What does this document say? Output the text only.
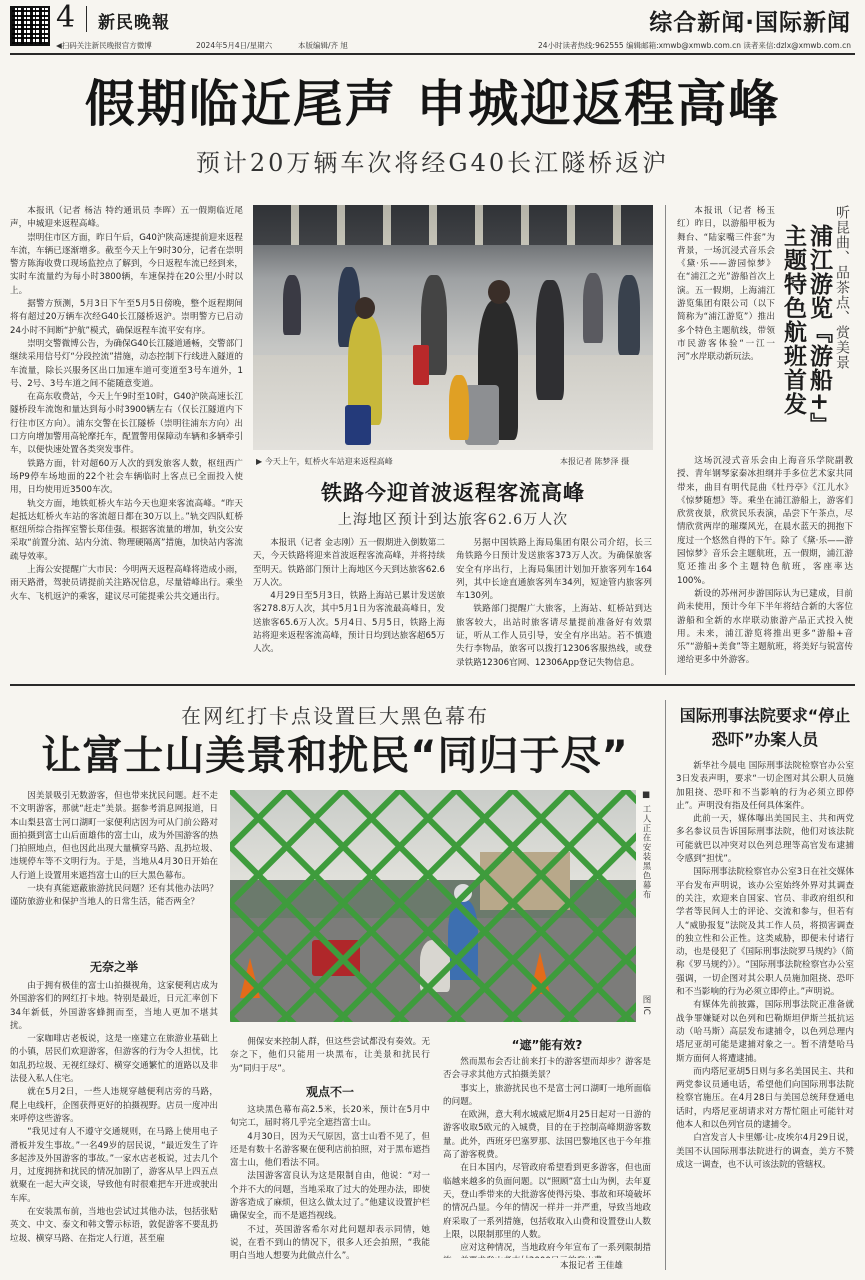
4 新民晚報	综合新闻·国际新闻
◀扫码关注新民晚报官方微博	2024年5月4日/星期六	本版编辑/齐 旭	24小时读者热线:962555 编辑邮箱:xmwb@xmwb.com.cn 读者来信:dzlx@xmwb.com.cn
假期临近尾声 申城迎返程高峰
预计20万辆车次将经G40长江隧桥返沪

本报讯（记者 杨洁 特约通讯员 李晖）五一假期临近尾声，申城迎来返程高峰。

崇明住市区方面，昨日午后，G40沪陕高速提前迎来返程车流，车辆已逐渐增多。截至今天上午9时30分，记者在崇明警方陈海收费口现场监控点了解到，今日返程车流已经到来，实时车流量约为每小时3800辆，车速保持在20公里/小时以上。

据警方预测，5月3日下午至5月5日傍晚，整个返程期间将有超过20万辆车次经G40长江隧桥返沪。崇明警方已启动24小时不间断“护航”模式，确保返程车流平安有序。

崇明交警微博公告，为确保G40长江隧道通畅，交警部门继续采用信号灯“分段控流”措施，动态控制下行线进入隧道的车流量，除长兴服务区出口加速车道可变道至3号车道外，1号、2号、3号车道之间不能随意变道。

在高东收费站，今天上午9时至10时，G40沪陕高速长江隧桥段车流饱和量达到每小时3900辆左右（仅长江隧道内下行往市区方向）。浦东交警在长江隧桥（崇明往浦东方向）出口方向增加警用高轮摩托车，配置警用保障动车辆和多辆牵引车，以便快速处置各类突发事件。

铁路方面，针对超60万人次的到发旅客人数，枢纽西广场P9停车场地面的22个社会车辆临时上客点已全面投入使用，日均使用近3500车次。

轨交方面，地铁虹桥火车站今天也迎来客流高峰。“昨天起抵达虹桥火车站的客流超日都在30万以上。”轨交四队虹桥枢纽所综合指挥室警长郑佳强。根据客流量的增加，轨交公安采取“前置分流、站内分流、物理硬隔离”措施，加快站内客流疏导效率。

上海公安提醒广大市民：今明两天返程高峰将造成小雨，雨天路滑，驾驶员请提前关注路况信息，尽量错峰出行。乘坐火车、飞机返沪的乘客，建议尽可能提乘公共交通出行。

▶ 今天上午，虹桥火车站迎来返程高峰	本报记者 陈梦泽 摄
铁路今迎首波返程客流高峰
上海地区预计到达旅客62.6万人次

本报讯（记者 金志刚）五一假期进入倒数第二天，今天铁路将迎来首波返程客流高峰，并将持续至明天。铁路部门预计上海地区今天到达旅客62.6万人次。

4月29日至5月3日，铁路上海站已累计发送旅客278.8万人次，其中5月1日为客流最高峰日，发送旅客65.6万人次。5月4日、5月5日，铁路上海站将迎来返程客流高峰，预计日均到达旅客超65万人次。

另据中国铁路上海局集团有限公司介绍，长三角铁路今日预计发送旅客373万人次。为确保旅客安全有序出行，上海局集团计划加开旅客列车164列，其中长途直通旅客列车34列，短途管内旅客列车130列。

铁路部门提醒广大旅客，上海站、虹桥站到达旅客较大，出站时旅客请尽量提前准备好有效票证，听从工作人员引导，安全有序出站。若不慎遗失行李物品，旅客可以拨打12306客服热线，或登录铁路12306官网、12306App登记失物信息。

听昆曲、品茶点、赏美景
浦江游览『游船+』主题特色航班首发

本报讯（记者 杨玉红）昨日，以游船甲板为舞台、“陆家嘴三件套”为背景，一场沉浸式音乐会《黛·乐——游园惊梦》在“浦江之光”游船首次上演。五一假期，上海浦江游览集团有限公司（以下简称为“浦江游览”）推出多个特色主题航线，带领市民游客体验“一江一河”水岸联动新玩法。

这场沉浸式音乐会由上海音乐学院副教授、青年钢琴家秦冰担纲并手多位艺术家共同带来，曲目有明代昆曲《牡丹亭》《江儿水》《惊梦随想》等。乘坐在浦江游船上，游客们欣赏夜景，欣赏民乐表演，品尝下午茶点，尽情欣赏两岸的璀璨风光，在晨水蓝天的拥抱下度过一个悠然自得的下午。除了《黛·乐——游园惊梦》音乐会主题航班，五一假期，浦江游览还推出多个主题特色航班，客座率达100%。

新设的苏州河步游国际认为已建成，目前尚未使用，预计今年下半年将结合新的大客位游船和全新的水岸联动旅游产品正式投入使用。未来，浦江游览将推出更多“游船+音乐”“游船+美食”等主题航班，将美好与锐富传递给更多中外游客。

在网红打卡点设置巨大黑色幕布
让富士山美景和扰民“同归于尽”

因美景吸引无数游客，但也带来扰民问题。赶不走不文明游客，那就“赶走”美景。据参考消息网报道，日本山梨县富士河口湖町一家便利店因为可从门前公路对面拍摄到富士山后面雄伟的富士山，成为外国游客的热门拍照地点，但也因此出现大量横穿马路、乱扔垃圾、违规停车等不文明行为。于是，当地从4月30日开始在人行道上设置用来遮挡富士山的巨大黑色幕布。

一块有真能遮蔽旅游扰民问题？还有其他办法吗？谨防旅游业和保护当地人的日常生活，能否两全？

无奈之举

由于拥有极佳的富士山拍摄视角，这家便利店成为外国游客们的网红打卡地。特别是最近，日元汇率创下34年新低，外国游客蜂拥而至，当地人更加不堪其扰。

一家咖啡店老板说，这是一座建立在旅游业基础上的小镇，居民们欢迎游客，但游客的行为令人担忧，比如乱扔垃圾、无视红绿灯、横穿交通繁忙的道路以及非法侵入私人住宅。

就在5月2日，一些人违规穿越便利店旁的马路，爬上电线杆，企图获得更好的拍摄视野。店员一度冲出来呼停这些游客。

“我见过有人不遵守交通规则，在马路上使用电子滑板并发生事故。”一名49岁的居民说，“最近发生了许多起涉及外国游客的事故。”一家水店老板说，过去几个月，过度拥挤和扰民的情况加剧了，游客从早上四五点就聚在一起大声交谈，导致他有时很难把车开进或驶出车库。

在安装黑布前，当地也尝试过其他办法，包括张贴英文、中文、泰文和韩文警示标语，敦促游客不要乱扔垃圾、横穿马路、在指定人行道，甚至雇

■ 工人正在安装黑色幕布
图 IC

佣保安来控制人群，但这些尝试都没有奏效。无奈之下，他们只能用一块黑布，让美景和扰民行为“同归于尽”。

观点不一

这块黑色幕布高2.5米，长20米，预计在5月中旬完工，届时将几乎完全遮挡富士山。

4月30日，因为天气原因，富士山看不见了，但还是有数十名游客聚在便利店前拍照，对于黑布遮挡富士山，他们看法不同。

法国游客富良认为这是限制自由，他说：“对一个并不大的问题，当地采取了过大的处理办法，即使游客造成了麻烦，但这么做太过了。”他建议设置护栏确保安全，而不是遮挡视线。

不过，英国游客希尔对此问题却表示同情，她说，在看不到山的情况下，很多人还会拍照，“我能明白当地人想要为此做点什么”。

“遮”能有效?

然而黑布会否让前来打卡的游客望而却步？游客是否会寻求其他方式拍摄美景？

事实上，旅游扰民也不是富士河口湖町一地所面临的问题。

在欧洲，意大利水城威尼斯4月25日起对一日游的游客收取5欧元的入城费，目的在于控制高峰期游客数量。此外，西班牙巴塞罗那、法国巴黎地区也于今年推高了游客税费。

在日本国内，尽管政府希望看到更多游客，但也面临越来越多的负面问题。以“照顾”富士山为例，去年夏天，登山季带来的大批游客使得污染、事故和环境破坏的情况凸显。今年的情况一样并一并严重，导致当地政府采取了一系列措施，包括收取入山费和设置登山人数上限，以限制那里的人数。

应对这种情况，当地政府今年宣布了一系列限制措

本报记者 王佳雄
国际刑事法院要求“停止恐吓”办案人员

新华社今晨电 国际刑事法院检察官办公室3日发表声明，要求“一切企图对其公职人员施加阻挠、恐吓和不当影响的行为必须立即停止”。声明没有指及任何具体案件。

此前一天，媒体曝出美国民主、共和两党多名参议员告诉国际刑事法院，他们对该法院可能就巴以冲突对以色列总理等高官发布逮捕令感到“担忧”。

国际刑事法院检察官办公室3日在社交媒体平台发布声明说，该办公室始终外界对其调查的关注，欢迎来自国家、官员、非政府组织和学者等民间人士的评论、交流和参与，但若有人“威胁报复”法院及其工作人员，将损害调查的独立性和公正性。这类威胁，即便未付诸行动，也是侵犯了《国际刑事法院罗马规约》（简称《罗马规约》）。“国际刑事法院检察官办公室强调，一切企图对其公职人员施加阻挠、恐吓和不当影响的行为必须立即停止。”声明说。

有媒体先前披露，国际刑事法院正准备就战争罪嫌疑对以色列和巴勒斯坦伊斯兰抵抗运动（哈马斯）高层发布逮捕令，以色列总理内塔尼亚胡可能是逮捕对象之一。暂不清楚哈马斯方面何人将遭逮捕。

而内塔尼亚胡5日则与多名美国民主、共和两党参议员通电话，希望他们向国际刑事法院检察官施压。在4月28日与美国总统拜登通电话时，内塔尼亚胡请求对方帮忙阻止可能针对他本人和以色列官员的逮捕令。

白宫发言人卡里娜·让-皮埃尔4月29日说，美国不认国际刑事法院进行的调查，美方不赞成这一调查，也不认可该法院的管辖权。
